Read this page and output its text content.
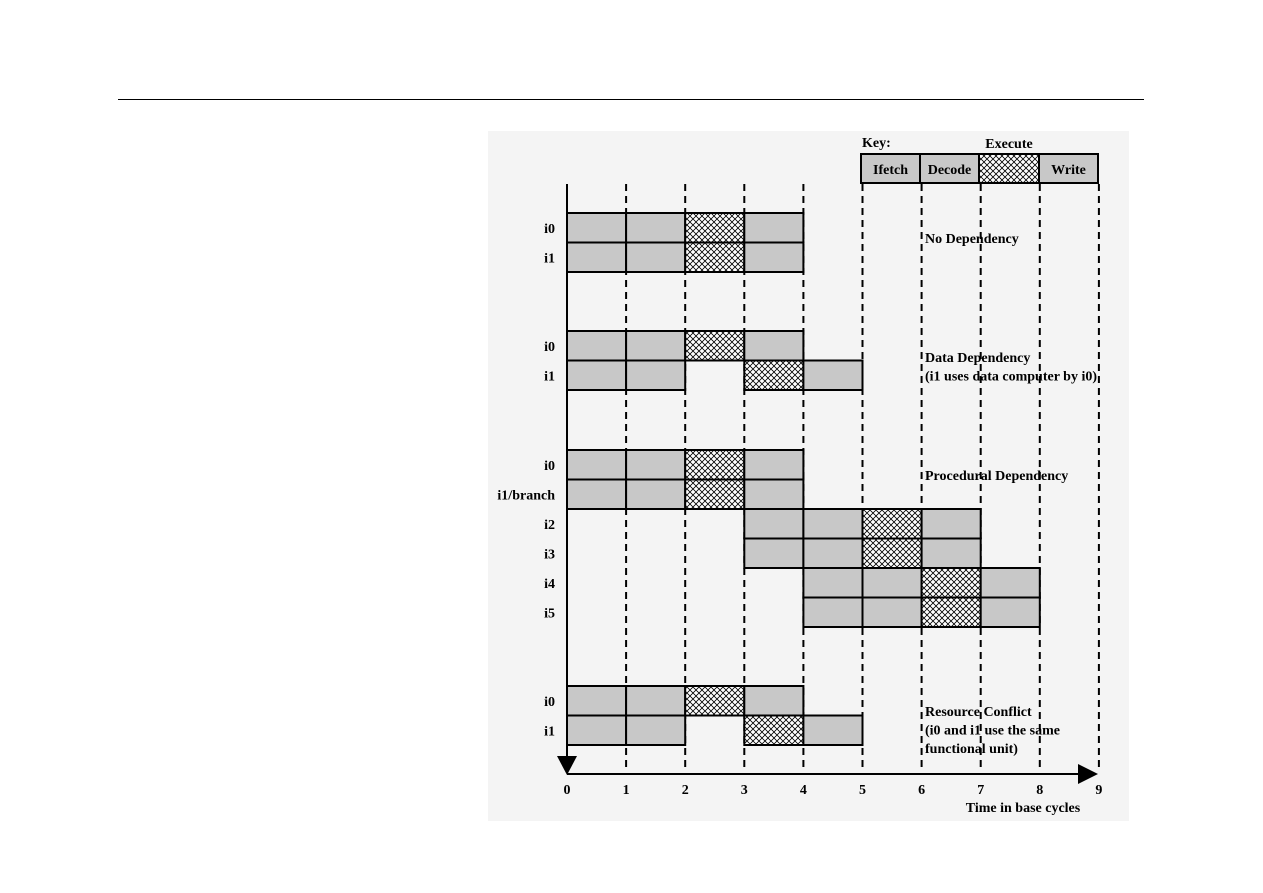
Key:	Execute
Ifetch Decode	Write
i0
i1
i0
i1
i0
i1/branch
i2
i3
i4
i5
i0
i1
No Dependency
Data Dependency
(i1 uses data computer by i0)
Procedural Dependency
Resource Conflict
(i0 and i1 use the same
functional unit)
0	1	2	3	4	5	6	7	8	9
Time in base cycles
